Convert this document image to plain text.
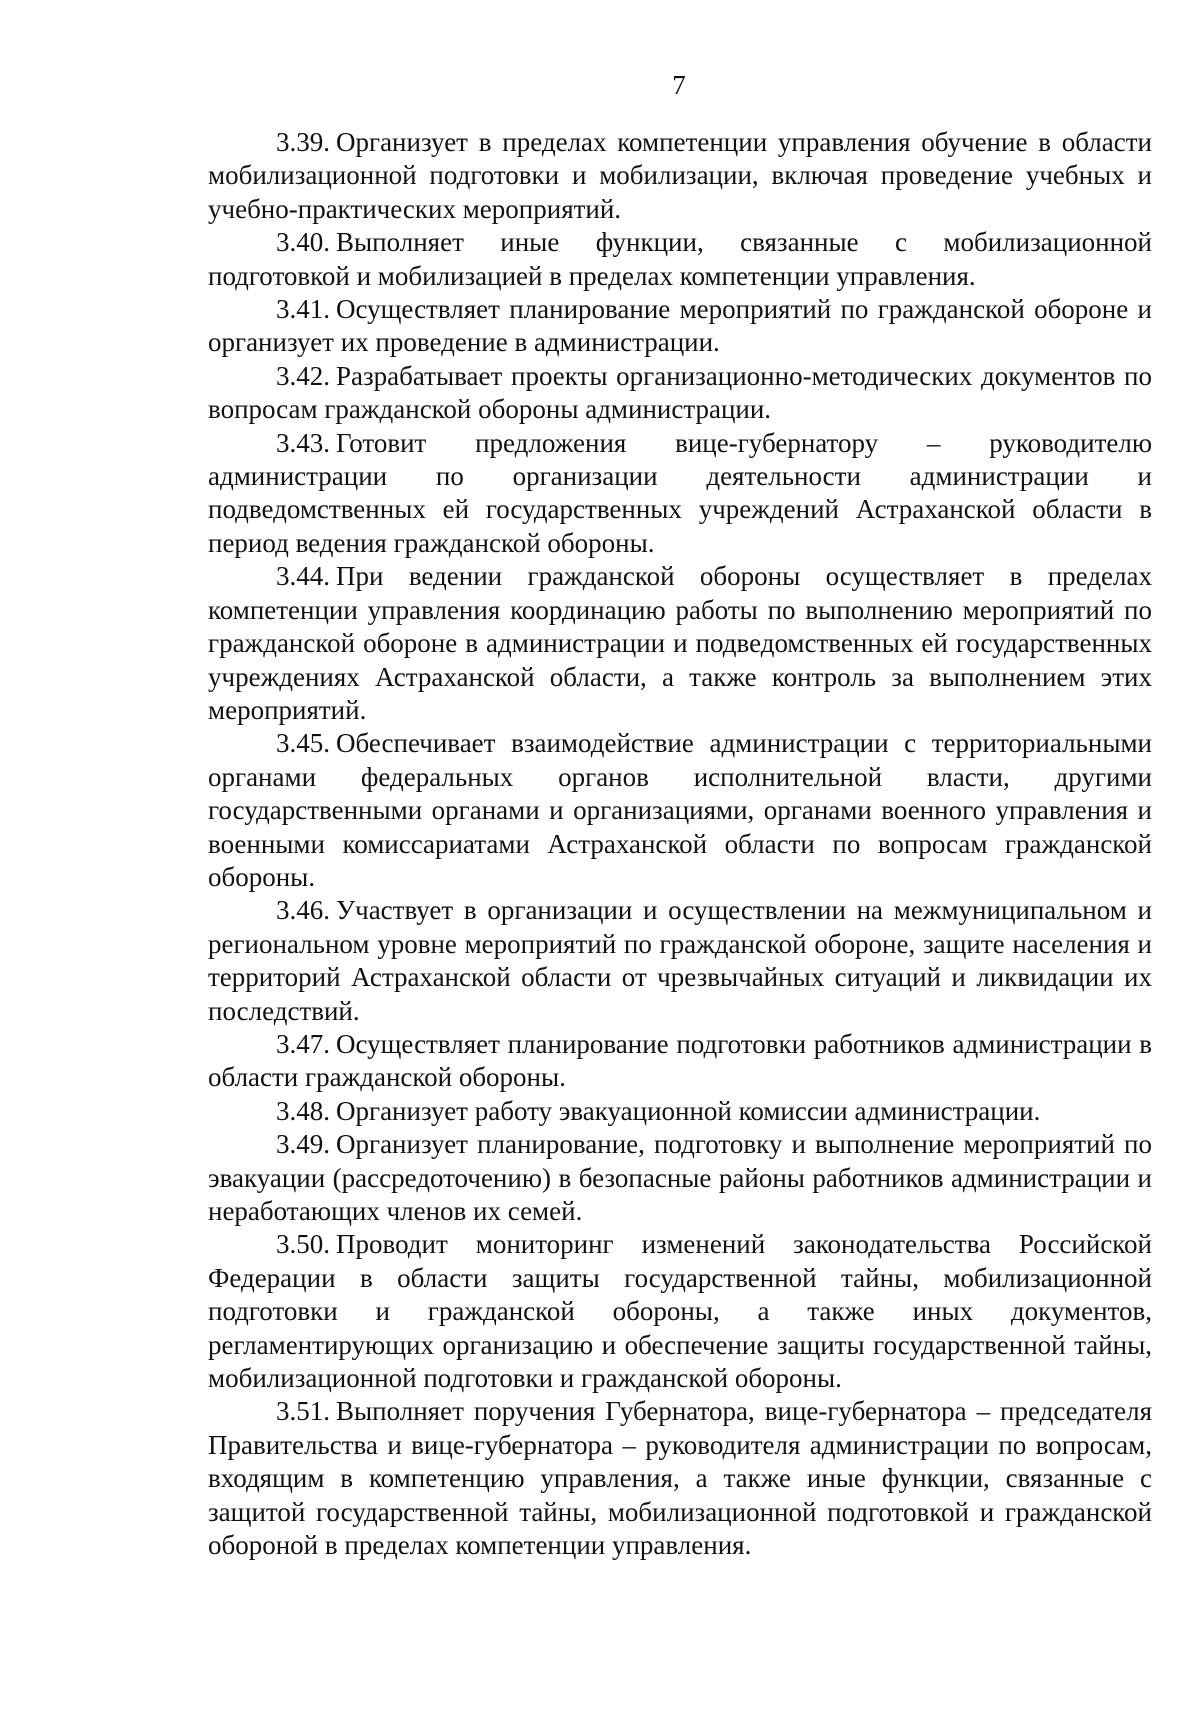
7

3.39. Организует в пределах компетенции управления обучение в области мобилизационной подготовки и мобилизации, включая проведение учебных и учебно-практических мероприятий.

3.40. Выполняет иные функции, связанные с мобилизационной подготовкой и мобилизацией в пределах компетенции управления.

3.41. Осуществляет планирование мероприятий по гражданской обороне и организует их проведение в администрации.

3.42. Разрабатывает проекты организационно-методических документов по вопросам гражданской обороны администрации.

3.43. Готовит предложения вице-губернатору – руководителю администрации по организации деятельности администрации и подведомственных ей государственных учреждений Астраханской области в период ведения гражданской обороны.

3.44. При ведении гражданской обороны осуществляет в пределах компетенции управления координацию работы по выполнению мероприятий по гражданской обороне в администрации и подведомственных ей государственных учреждениях Астраханской области, а также контроль за выполнением этих мероприятий.

3.45. Обеспечивает взаимодействие администрации с территориальными органами федеральных органов исполнительной власти, другими государственными органами и организациями, органами военного управления и военными комиссариатами Астраханской области по вопросам гражданской обороны.

3.46. Участвует в организации и осуществлении на межмуниципальном и региональном уровне мероприятий по гражданской обороне, защите населения и территорий Астраханской области от чрезвычайных ситуаций и ликвидации их последствий.

3.47. Осуществляет планирование подготовки работников администрации в области гражданской обороны.

3.48. Организует работу эвакуационной комиссии администрации.

3.49. Организует планирование, подготовку и выполнение мероприятий по эвакуации (рассредоточению) в безопасные районы работников администрации и неработающих членов их семей.

3.50. Проводит мониторинг изменений законодательства Российской Федерации в области защиты государственной тайны, мобилизационной подготовки и гражданской обороны, а также иных документов, регламентирующих организацию и обеспечение защиты государственной тайны, мобилизационной подготовки и гражданской обороны.

3.51. Выполняет поручения Губернатора, вице-губернатора – председателя Правительства и вице-губернатора – руководителя администрации по вопросам, входящим в компетенцию управления, а также иные функции, связанные с защитой государственной тайны, мобилизационной подготовкой и гражданской обороной в пределах компетенции управления.
